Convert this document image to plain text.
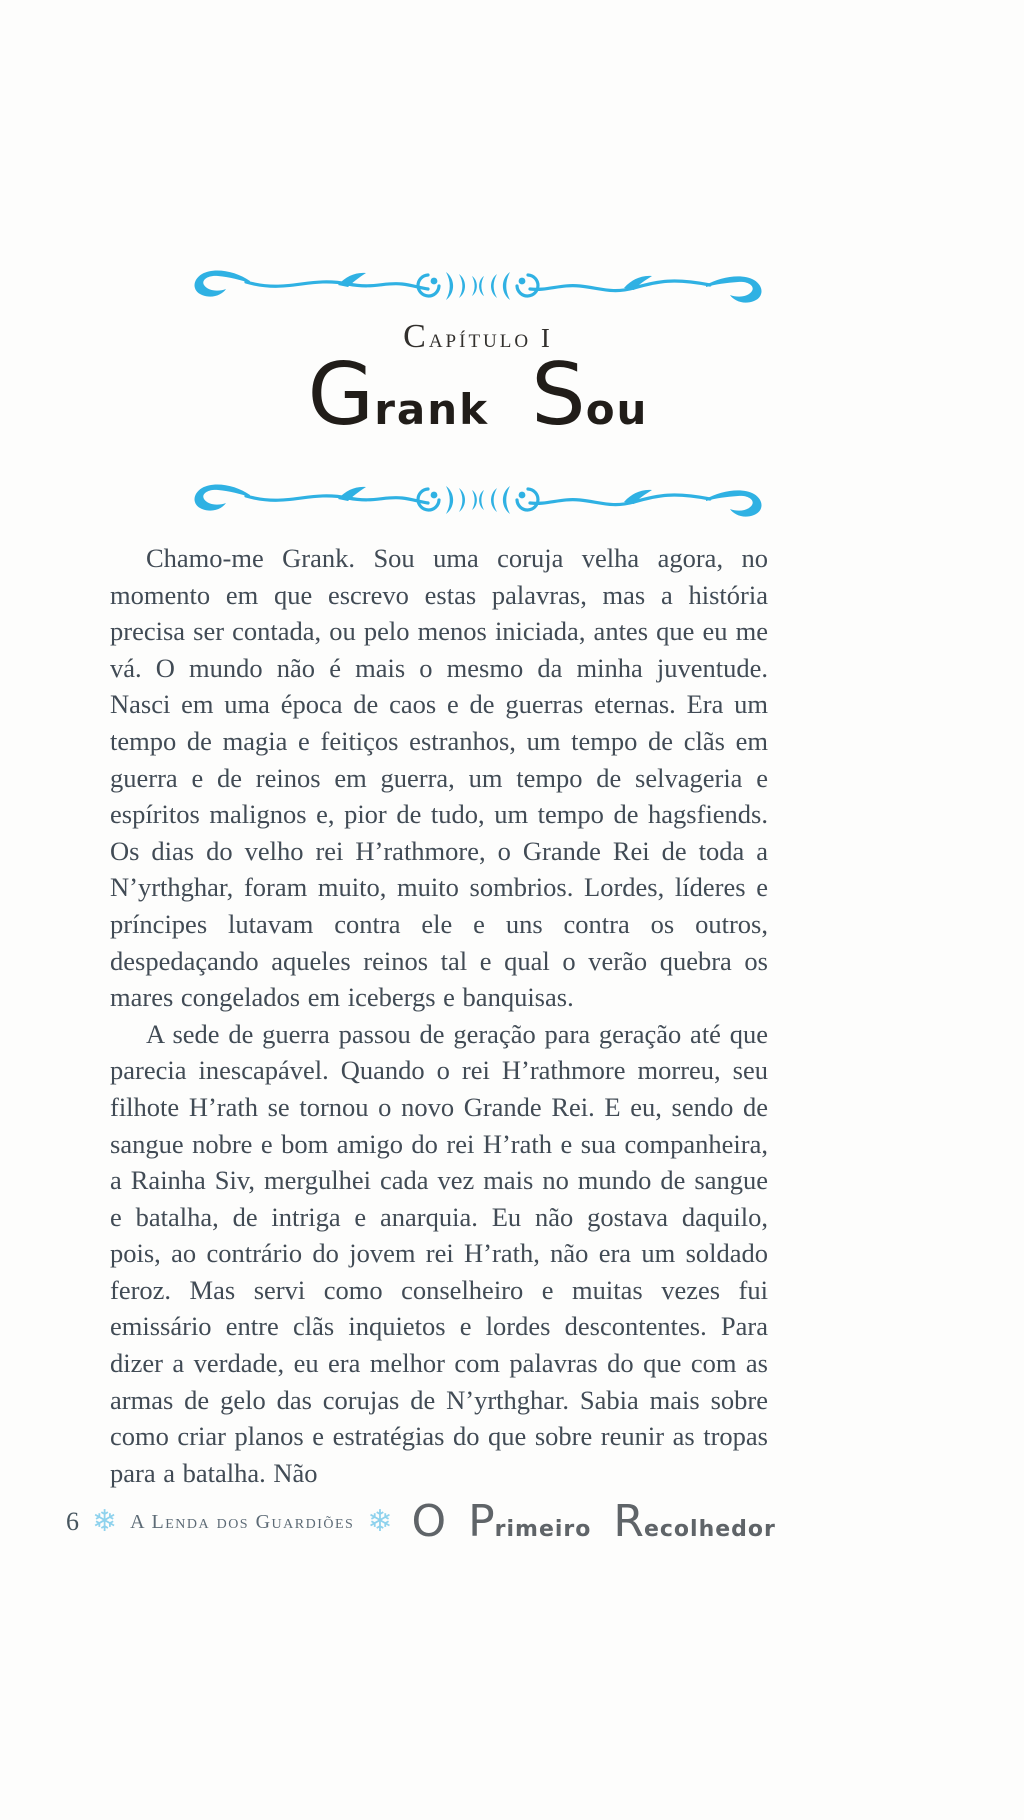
Capítulo I
Grank Sou

Chamo-me Grank. Sou uma coruja velha agora, no momento em que escrevo estas palavras, mas a história precisa ser contada, ou pelo menos iniciada, antes que eu me vá. O mundo não é mais o mesmo da minha juventude. Nasci em uma época de caos e de guerras eternas. Era um tempo de magia e feitiços estranhos, um tempo de clãs em guerra e de reinos em guerra, um tempo de selvageria e espíritos malignos e, pior de tudo, um tempo de hagsfiends. Os dias do velho rei H’rathmore, o Grande Rei de toda a N’yrthghar, foram muito, muito sombrios. Lordes, líderes e príncipes lutavam contra ele e uns contra os outros, despedaçando aqueles reinos tal e qual o verão quebra os mares congelados em icebergs e banquisas.

A sede de guerra passou de geração para geração até que parecia inescapável. Quando o rei H’rathmore morreu, seu filhote H’rath se tornou o novo Grande Rei. E eu, sendo de sangue nobre e bom amigo do rei H’rath e sua companheira, a Rainha Siv, mergulhei cada vez mais no mundo de sangue e batalha, de intriga e anarquia. Eu não gostava daquilo, pois, ao contrário do jovem rei H’rath, não era um soldado feroz. Mas servi como conselheiro e muitas vezes fui emissário entre clãs inquietos e lordes descontentes. Para dizer a verdade, eu era melhor com palavras do que com as armas de gelo das corujas de N’yrthghar. Sabia mais sobre como criar planos e estratégias do que sobre reunir as tropas para a batalha. Não

6 ❄ A Lenda dos Guardiões ❄ O Primeiro Recolhedor
